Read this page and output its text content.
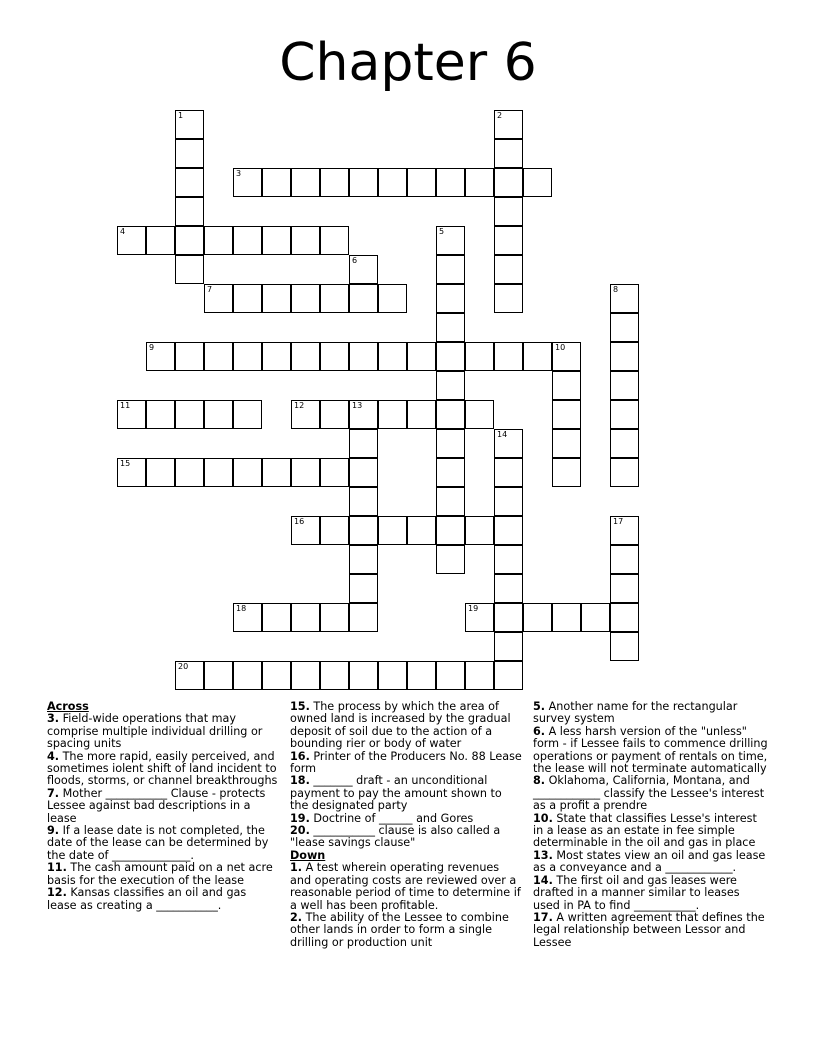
Chapter 6
3
4
7
9	10
11	12	13
15
16
18	19
20
1	2
5
6
8
14
17
Across
3. Field-wide operations that may comprise multiple individual drilling or spacing units
4. The more rapid, easily perceived, and sometimes iolent shift of land incident to floods, storms, or channel breakthroughs
7. Mother ___________ Clause - protects Lessee against bad descriptions in a lease
9. If a lease date is not completed, the date of the lease can be determined by the date of ______________.
11. The cash amount paid on a net acre basis for the execution of the lease
12. Kansas classifies an oil and gas lease as creating a ___________.
15. The process by which the area of owned land is increased by the gradual deposit of soil due to the action of a bounding rier or body of water
16. Printer of the Producers No. 88 Lease form
18. _______ draft - an unconditional payment to pay the amount shown to the designated party
19. Doctrine of ______ and Gores
20. ___________ clause is also called a "lease savings clause"
Down
1. A test wherein operating revenues and operating costs are reviewed over a reasonable period of time to determine if a well has been profitable.
2. The ability of the Lessee to combine other lands in order to form a single drilling or production unit
5. Another name for the rectangular survey system
6. A less harsh version of the "unless" form - if Lessee fails to commence drilling operations or payment of rentals on time, the lease will not terminate automatically
8. Oklahoma, California, Montana, and ____________ classify the Lessee's interest as a profit a prendre
10. State that classifies Lesse's interest in a lease as an estate in fee simple determinable in the oil and gas in place
13. Most states view an oil and gas lease as a conveyance and a ____________.
14. The first oil and gas leases were drafted in a manner similar to leases used in PA to find ___________.
17. A written agreement that defines the legal relationship between Lessor and Lessee
